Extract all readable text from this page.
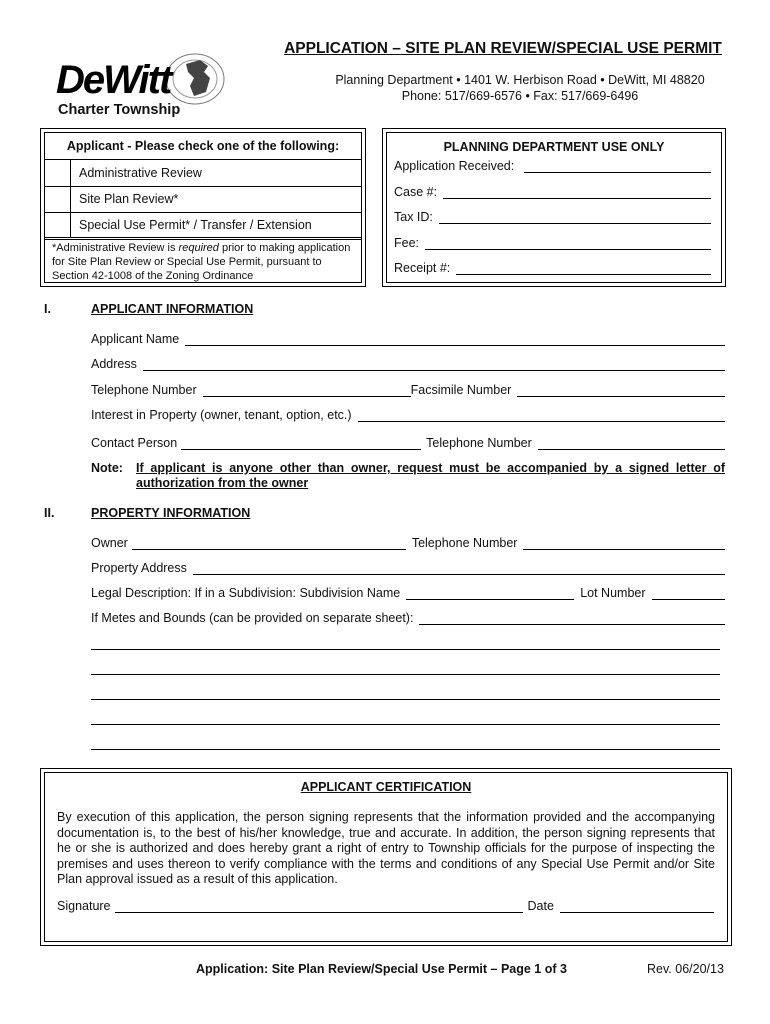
APPLICATION – SITE PLAN REVIEW/SPECIAL USE PERMIT
Planning Department • 1401 W. Herbison Road • DeWitt, MI 48820
Phone: 517/669-6576 • Fax: 517/669-6496
DeWitt
Charter Township
Applicant - Please check one of the following:
Administrative Review
Site Plan Review*
Special Use Permit* / Transfer / Extension
*Administrative Review is required prior to making application for Site Plan Review or Special Use Permit, pursuant to Section 42-1008 of the Zoning Ordinance
PLANNING DEPARTMENT USE ONLY
Application Received:
Case #:
Tax ID:
Fee:
Receipt #:
I.	APPLICANT INFORMATION
Applicant Name
Address
Telephone Number	Facsimile Number
Interest in Property (owner, tenant, option, etc.)
Contact Person	Telephone Number
Note:	If applicant is anyone other than owner, request must be accompanied by a signed letter of authorization from the owner
II.	PROPERTY INFORMATION
Owner	Telephone Number
Property Address
Legal Description: If in a Subdivision: Subdivision Name	Lot Number
If Metes and Bounds (can be provided on separate sheet):
APPLICANT CERTIFICATION
By execution of this application, the person signing represents that the information provided and the accompanying documentation is, to the best of his/her knowledge, true and accurate. In addition, the person signing represents that he or she is authorized and does hereby grant a right of entry to Township officials for the purpose of inspecting the premises and uses thereon to verify compliance with the terms and conditions of any Special Use Permit and/or Site Plan approval issued as a result of this application.
Signature	Date
Application: Site Plan Review/Special Use Permit – Page 1 of 3	Rev. 06/20/13
